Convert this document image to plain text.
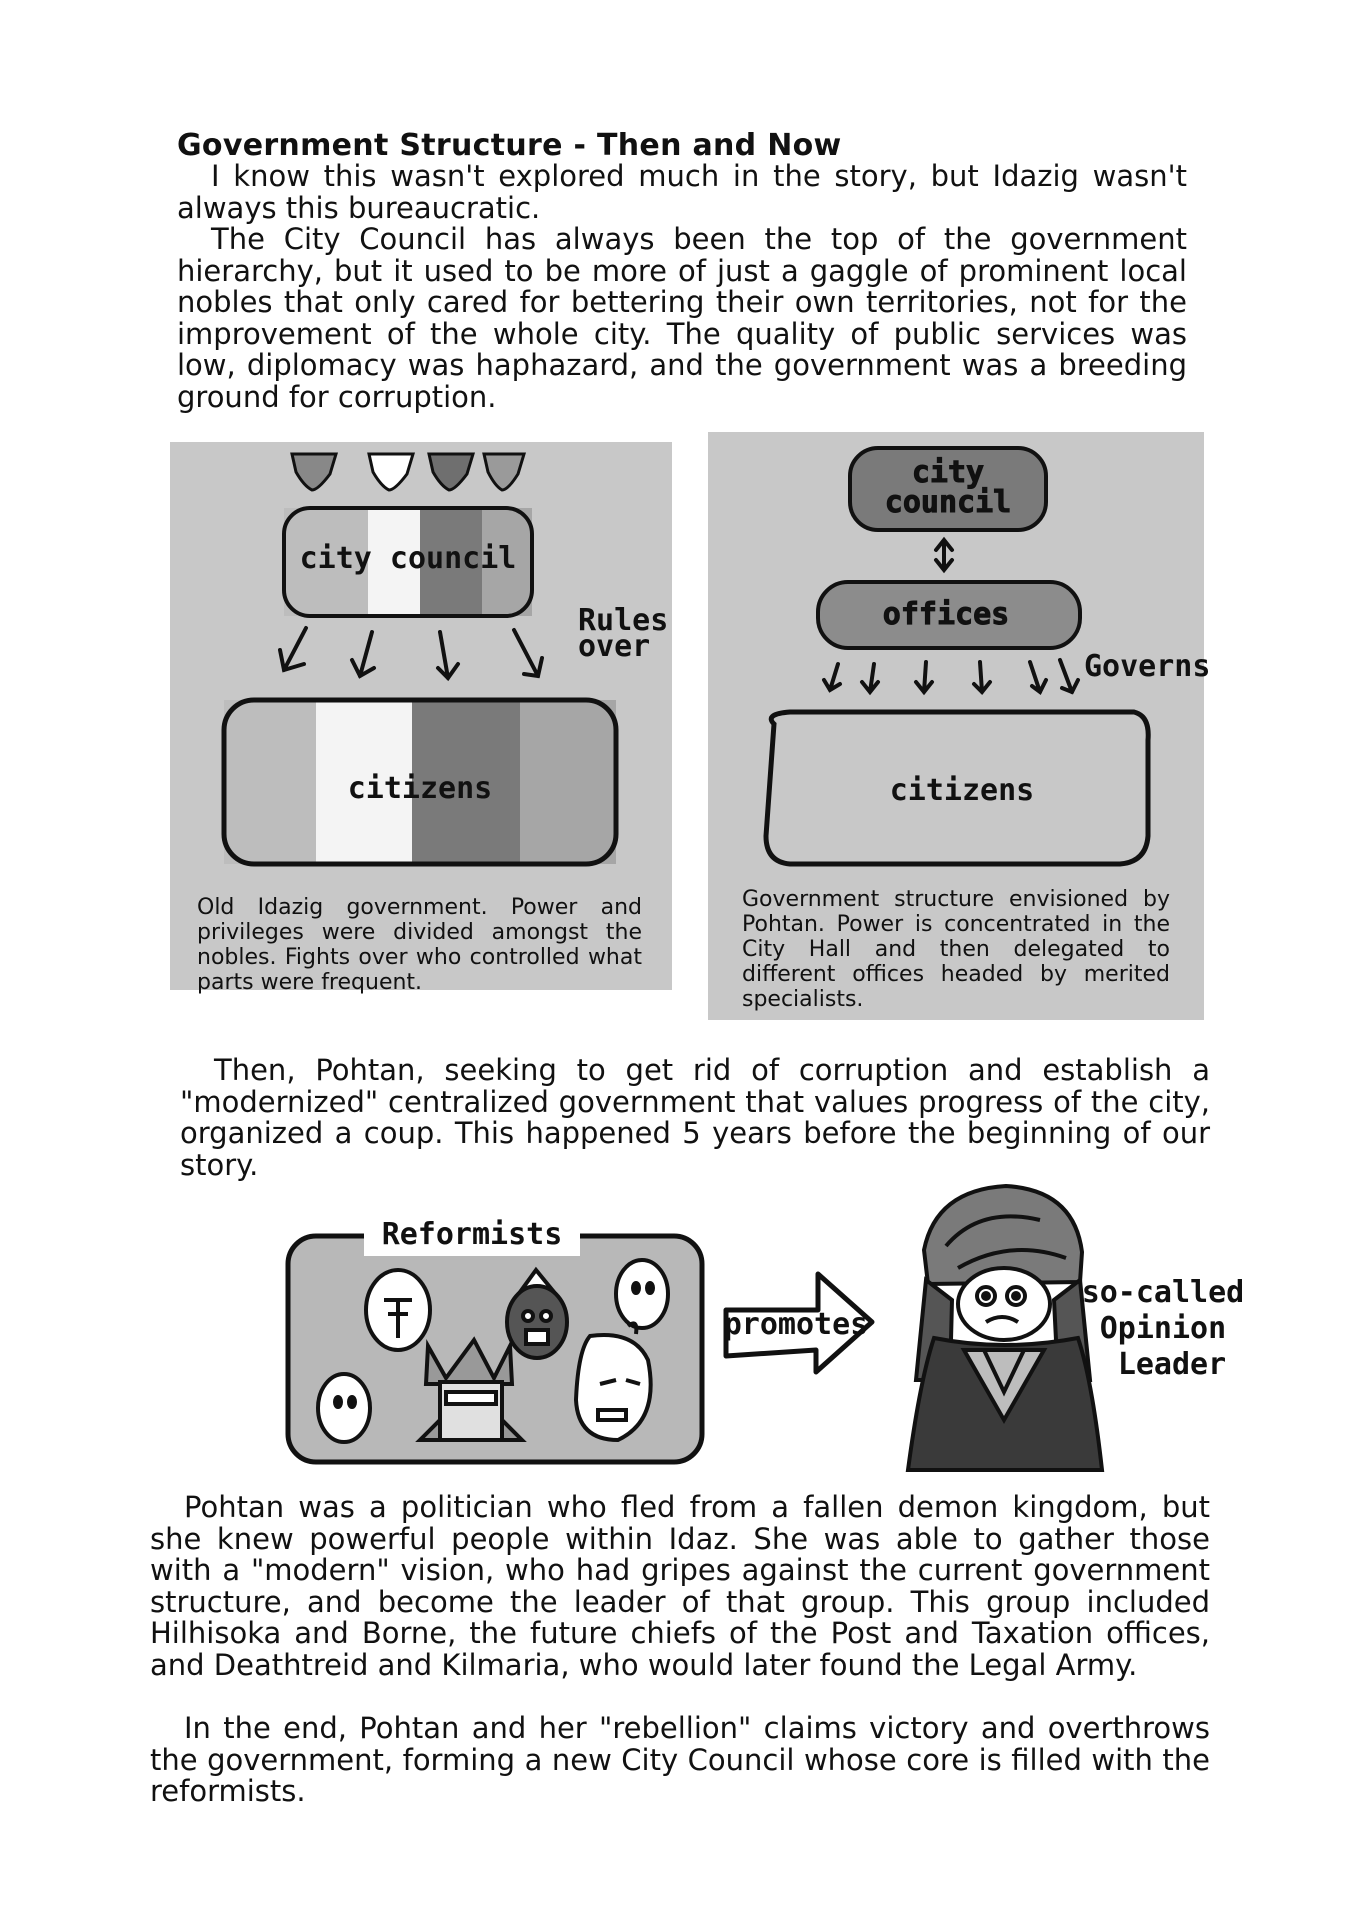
Government Structure - Then and Now

I know this wasn't explored much in the story, but Idazig wasn't always this bureaucratic.

The City Council has always been the top of the government hierarchy, but it used to be more of just a gaggle of prominent local nobles that only cared for bettering their own territories, not for the improvement of the whole city. The quality of public services was low, diplomacy was haphazard, and the government was a breeding ground for corruption.

city council
Rules over
citizens
city council
offices
Governs
citizens
Reformists
promotes
so-called Opinion Leader

Old Idazig government. Power and privileges were divided amongst the nobles. Fights over who controlled what parts were frequent.

Government structure envisioned by Pohtan. Power is concentrated in the City Hall and then delegated to different offices headed by merited specialists.

Then, Pohtan, seeking to get rid of corruption and establish a "modernized" centralized government that values progress of the city, organized a coup. This happened 5 years before the beginning of our story.

Pohtan was a politician who fled from a fallen demon kingdom, but she knew powerful people within Idaz. She was able to gather those with a "modern" vision, who had gripes against the current government structure, and become the leader of that group. This group included Hilhisoka and Borne, the future chiefs of the Post and Taxation offices, and Deathtreid and Kilmaria, who would later found the Legal Army.

In the end, Pohtan and her "rebellion" claims victory and overthrows the government, forming a new City Council whose core is filled with the reformists.
